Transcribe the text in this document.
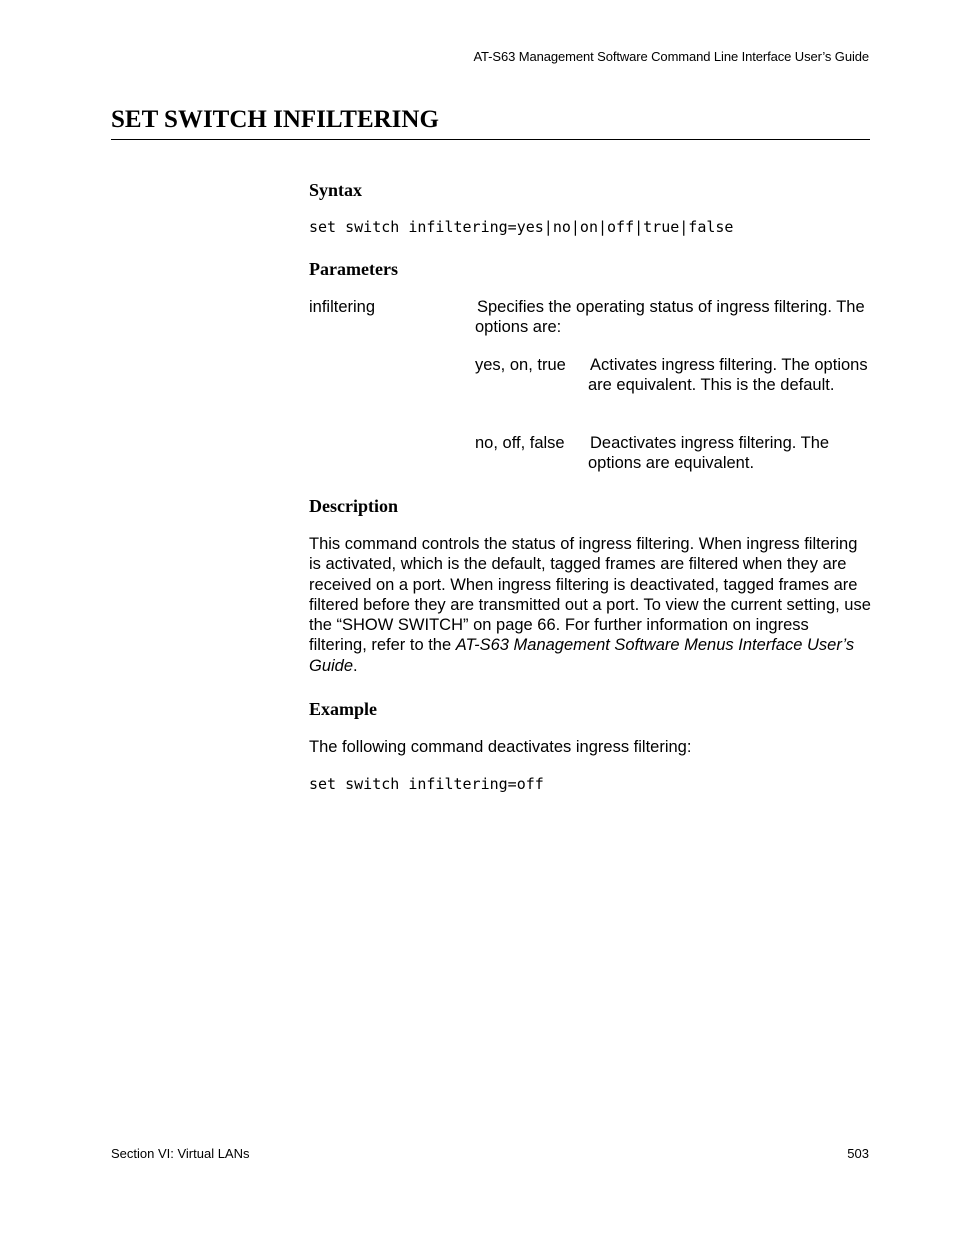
AT-S63 Management Software Command Line Interface User’s Guide
SET SWITCH INFILTERING
Syntax

set switch infiltering=yes|no|on|off|true|false

Parameters

infiltering	Specifies the operating status of ingress filtering. The options are:

yes, on, true Activates ingress filtering. The options are equivalent. This is the default.

no, off, false Deactivates ingress filtering. The options are equivalent.

Description

This command controls the status of ingress filtering. When ingress filtering is activated, which is the default, tagged frames are filtered when they are received on a port. When ingress filtering is deactivated, tagged frames are filtered before they are transmitted out a port. To view the current setting, use the “SHOW SWITCH” on page 66. For further information on ingress filtering, refer to the AT-S63 Management Software Menus Interface User’s Guide.

Example

The following command deactivates ingress filtering:

set switch infiltering=off

Section VI: Virtual LANs	503
